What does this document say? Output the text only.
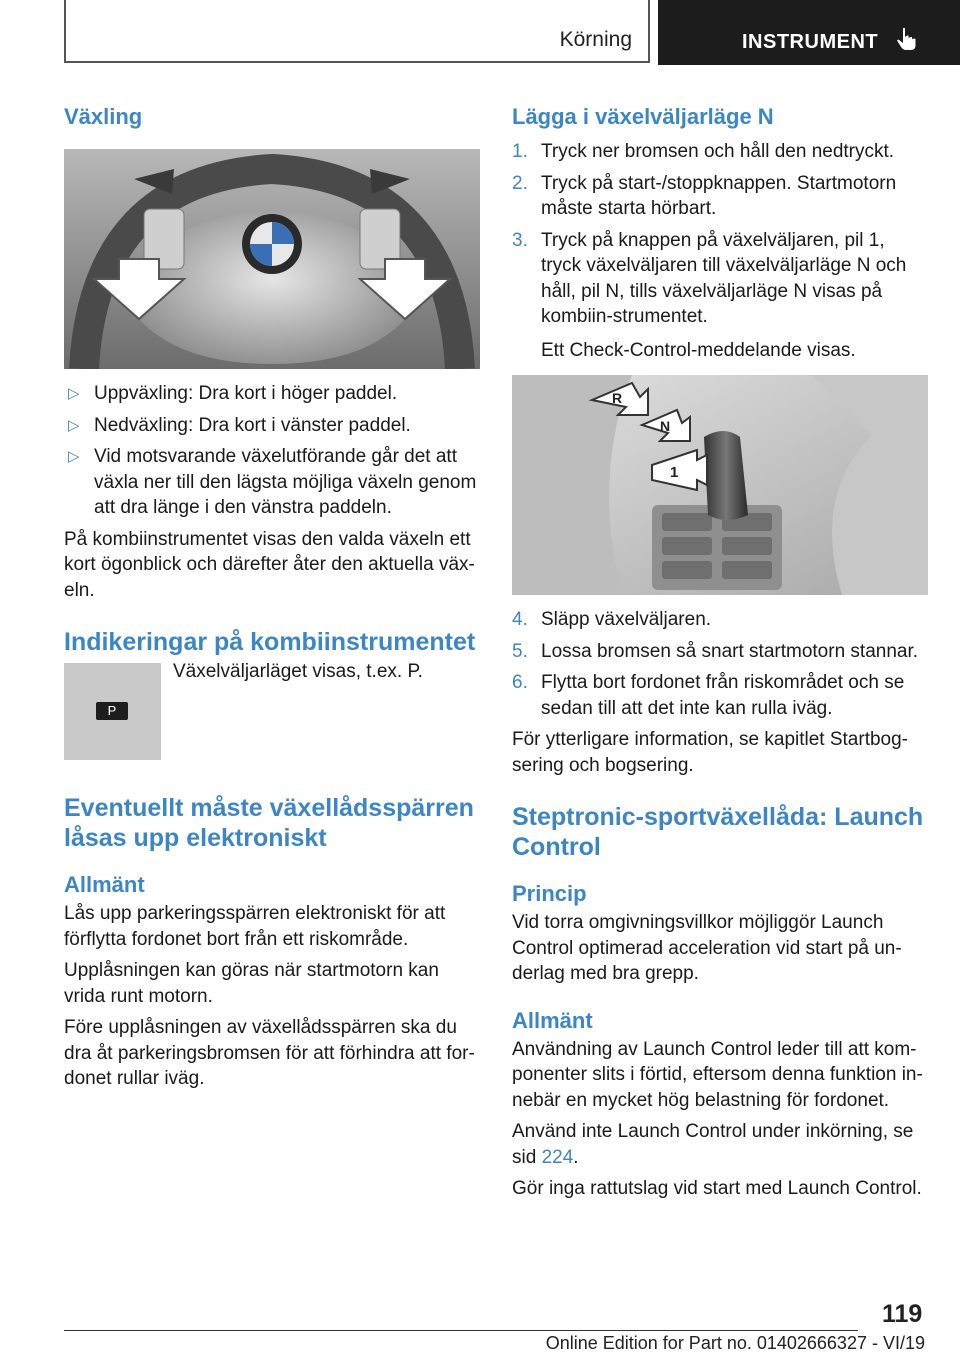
Körning	INSTRUMENT
Växling
▷ Uppväxling: Dra kort i höger paddel.
▷ Nedväxling: Dra kort i vänster paddel.
▷ Vid motsvarande växelutförande går det att växla ner till den lägsta möjliga växeln genom att dra länge i den vänstra paddeln.

På kombiinstrumentet visas den valda växeln ett kort ögonblick och därefter åter den aktuella väx-eln.

Indikeringar på kombiinstrumentet
P

Växelväljarläget visas, t.ex. P.

Eventuellt måste växellådsspärren låsas upp elektroniskt
Allmänt

Lås upp parkeringsspärren elektroniskt för att förflytta fordonet bort från ett riskområde.

Upplåsningen kan göras när startmotorn kan vrida runt motorn.

Före upplåsningen av växellådsspärren ska du dra åt parkeringsbromsen för att förhindra att for-donet rullar iväg.

Lägga i växelväljarläge N
1. Tryck ner bromsen och håll den nedtryckt.
2. Tryck på start-/stoppknappen. Startmotorn måste starta hörbart.
3. Tryck på knappen på växelväljaren, pil 1, tryck växelväljaren till växelväljarläge N och håll, pil N, tills växelväljarläge N visas på kombiin-strumentet.
Ett Check-Control-meddelande visas.
R
N
1
4. Släpp växelväljaren.
5. Lossa bromsen så snart startmotorn stannar.
6. Flytta bort fordonet från riskområdet och se sedan till att det inte kan rulla iväg.

För ytterligare information, se kapitlet Startbog-sering och bogsering.

Steptronic-sportväxellåda: Launch Control
Princip

Vid torra omgivningsvillkor möjliggör Launch Control optimerad acceleration vid start på un-derlag med bra grepp.

Allmänt

Användning av Launch Control leder till att kom-ponenter slits i förtid, eftersom denna funktion in-nebär en mycket hög belastning för fordonet.

Använd inte Launch Control under inkörning, se sid 224.

Gör inga rattutslag vid start med Launch Control.

119
Online Edition for Part no. 01402666327 - VI/19
